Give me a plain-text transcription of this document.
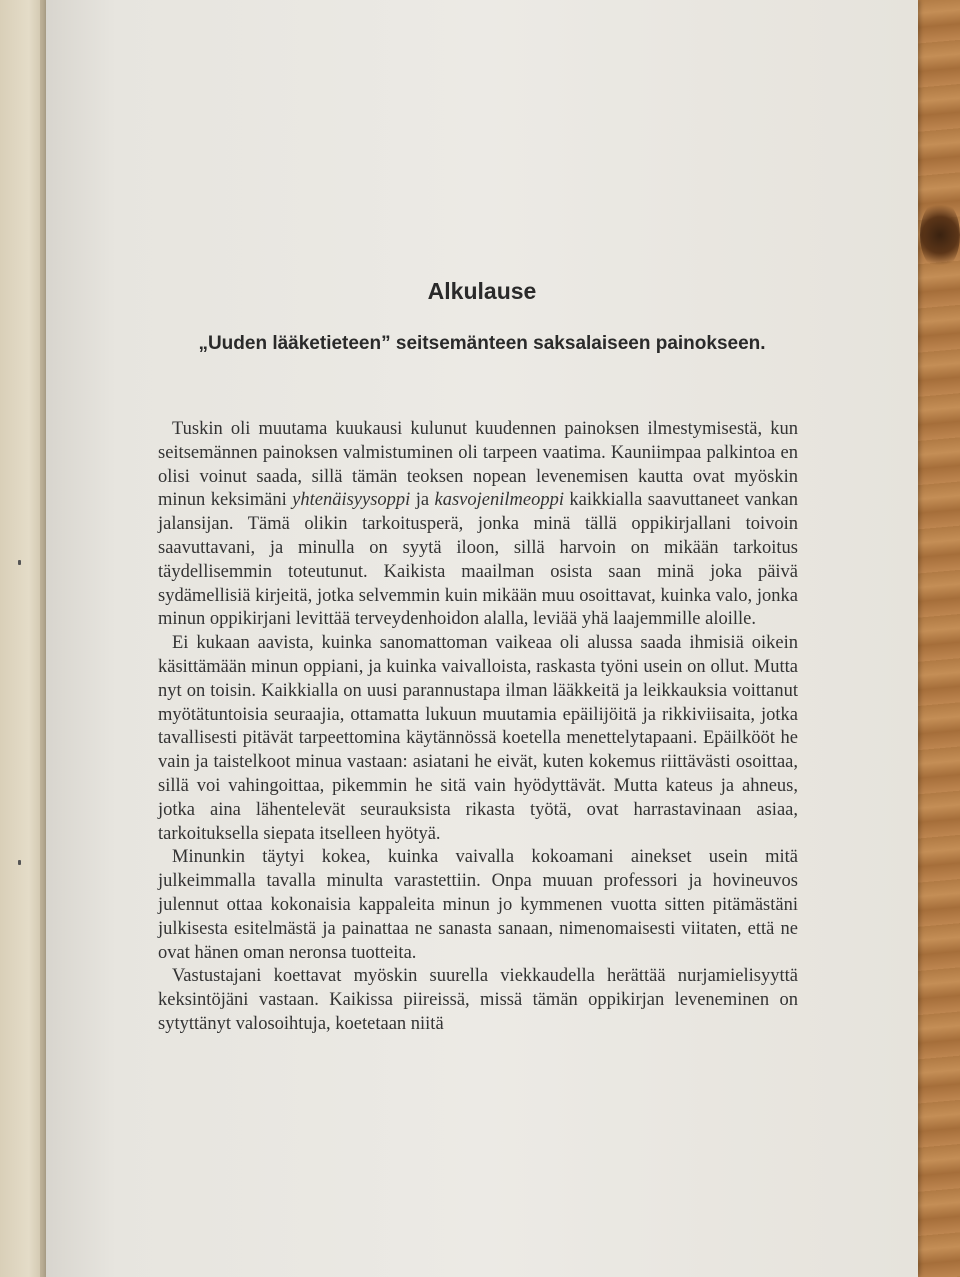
Alkulause
„Uuden lääketieteen” seitsemänteen saksalaiseen painokseen.

Tuskin oli muutama kuukausi kulunut kuudennen painoksen ilmestymisestä, kun seitsemännen painoksen valmistuminen oli tarpeen vaatima. Kauniimpaa palkintoa en olisi voinut saada, sillä tämän teoksen nopean levenemisen kautta ovat myöskin minun keksimäni yhtenäisyysoppi ja kasvojenilmeoppi kaikkialla saavuttaneet vankan jalansijan. Tämä olikin tarkoitusperä, jonka minä tällä oppikirjallani toivoin saavuttavani, ja minulla on syytä iloon, sillä harvoin on mikään tarkoitus täydellisemmin toteutunut. Kaikista maailman osista saan minä joka päivä sydämellisiä kirjeitä, jotka selvemmin kuin mikään muu osoittavat, kuinka valo, jonka minun oppikirjani levittää terveydenhoidon alalla, leviää yhä laajemmille aloille.

Ei kukaan aavista, kuinka sanomattoman vaikeaa oli alussa saada ihmisiä oikein käsittämään minun oppiani, ja kuinka vaivalloista, raskasta työni usein on ollut. Mutta nyt on toisin. Kaikkialla on uusi parannustapa ilman lääkkeitä ja leikkauksia voittanut myötätuntoisia seuraajia, ottamatta lukuun muutamia epäilijöitä ja rikkiviisaita, jotka tavallisesti pitävät tarpeettomina käytännössä koetella menettelytapaani. Epäilkööt he vain ja taistelkoot minua vastaan: asiatani he eivät, kuten kokemus riittävästi osoittaa, sillä voi vahingoittaa, pikemmin he sitä vain hyödyttävät. Mutta kateus ja ahneus, jotka aina lähentelevät seurauksista rikasta työtä, ovat harrastavinaan asiaa, tarkoituksella siepata itselleen hyötyä.

Minunkin täytyi kokea, kuinka vaivalla kokoamani ainekset usein mitä julkeimmalla tavalla minulta varastettiin. Onpa muuan professori ja hovineuvos julennut ottaa kokonaisia kappaleita minun jo kymmenen vuotta sitten pitämästäni julkisesta esitelmästä ja painattaa ne sanasta sanaan, nimenomaisesti viitaten, että ne ovat hänen oman neronsa tuotteita.

Vastustajani koettavat myöskin suurella viekkaudella herättää nurjamielisyyttä keksintöjäni vastaan. Kaikissa piireissä, missä tämän oppikirjan leveneminen on sytyttänyt valosoihtuja, koetetaan niitä
